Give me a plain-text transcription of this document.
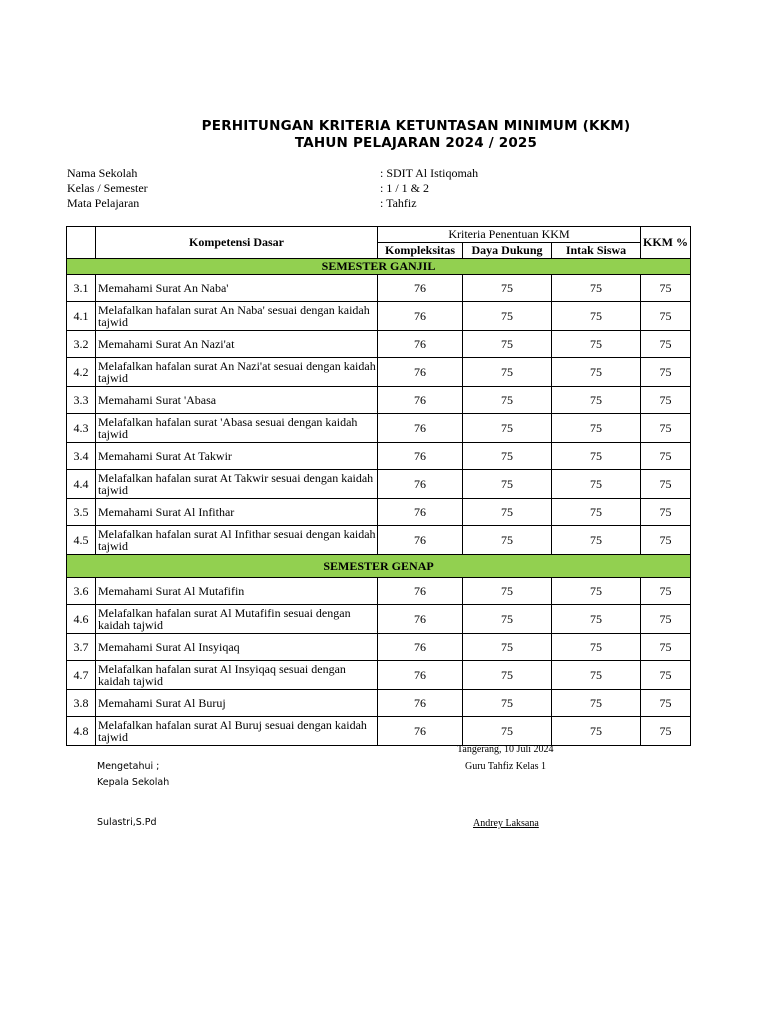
PERHITUNGAN KRITERIA KETUNTASAN MINIMUM (KKM)
TAHUN PELAJARAN 2024 / 2025
Nama Sekolah	: SDIT Al Istiqomah
Kelas / Semester	: 1 / 1 & 2
Mata Pelajaran	: Tahfiz
	Kompetensi Dasar	Kriteria Penentuan KKM			KKM %
		Kompleksitas	Daya Dukung	Intak Siswa	
SEMESTER GANJIL					
3.1	Memahami Surat An Naba'	76	75	75	75
4.1	Melafalkan hafalan surat An Naba' sesuai dengan kaidah tajwid	76	75	75	75
3.2	Memahami Surat An Nazi'at	76	75	75	75
4.2	Melafalkan hafalan surat An Nazi'at sesuai dengan kaidah tajwid	76	75	75	75
3.3	Memahami Surat 'Abasa	76	75	75	75
4.3	Melafalkan hafalan surat 'Abasa sesuai dengan kaidah tajwid	76	75	75	75
3.4	Memahami Surat At Takwir	76	75	75	75
4.4	Melafalkan hafalan surat At Takwir sesuai dengan kaidah tajwid	76	75	75	75
3.5	Memahami Surat Al Infithar	76	75	75	75
4.5	Melafalkan hafalan surat Al Infithar sesuai dengan kaidah tajwid	76	75	75	75
SEMESTER GENAP					
3.6	Memahami Surat Al Mutafifin	76	75	75	75
4.6	Melafalkan hafalan surat Al Mutafifin sesuai dengan kaidah tajwid	76	75	75	75
3.7	Memahami Surat Al Insyiqaq	76	75	75	75
4.7	Melafalkan hafalan surat Al Insyiqaq sesuai dengan kaidah tajwid	76	75	75	75
3.8	Memahami Surat Al Buruj	76	75	75	75
4.8	Melafalkan hafalan surat Al Buruj sesuai dengan kaidah tajwid	76	75	75	75
Tangerang, 10 Juli 2024
Mengetahui ;	Guru Tahfiz Kelas 1
Kepala Sekolah
Sulastri,S.Pd	Andrey Laksana
